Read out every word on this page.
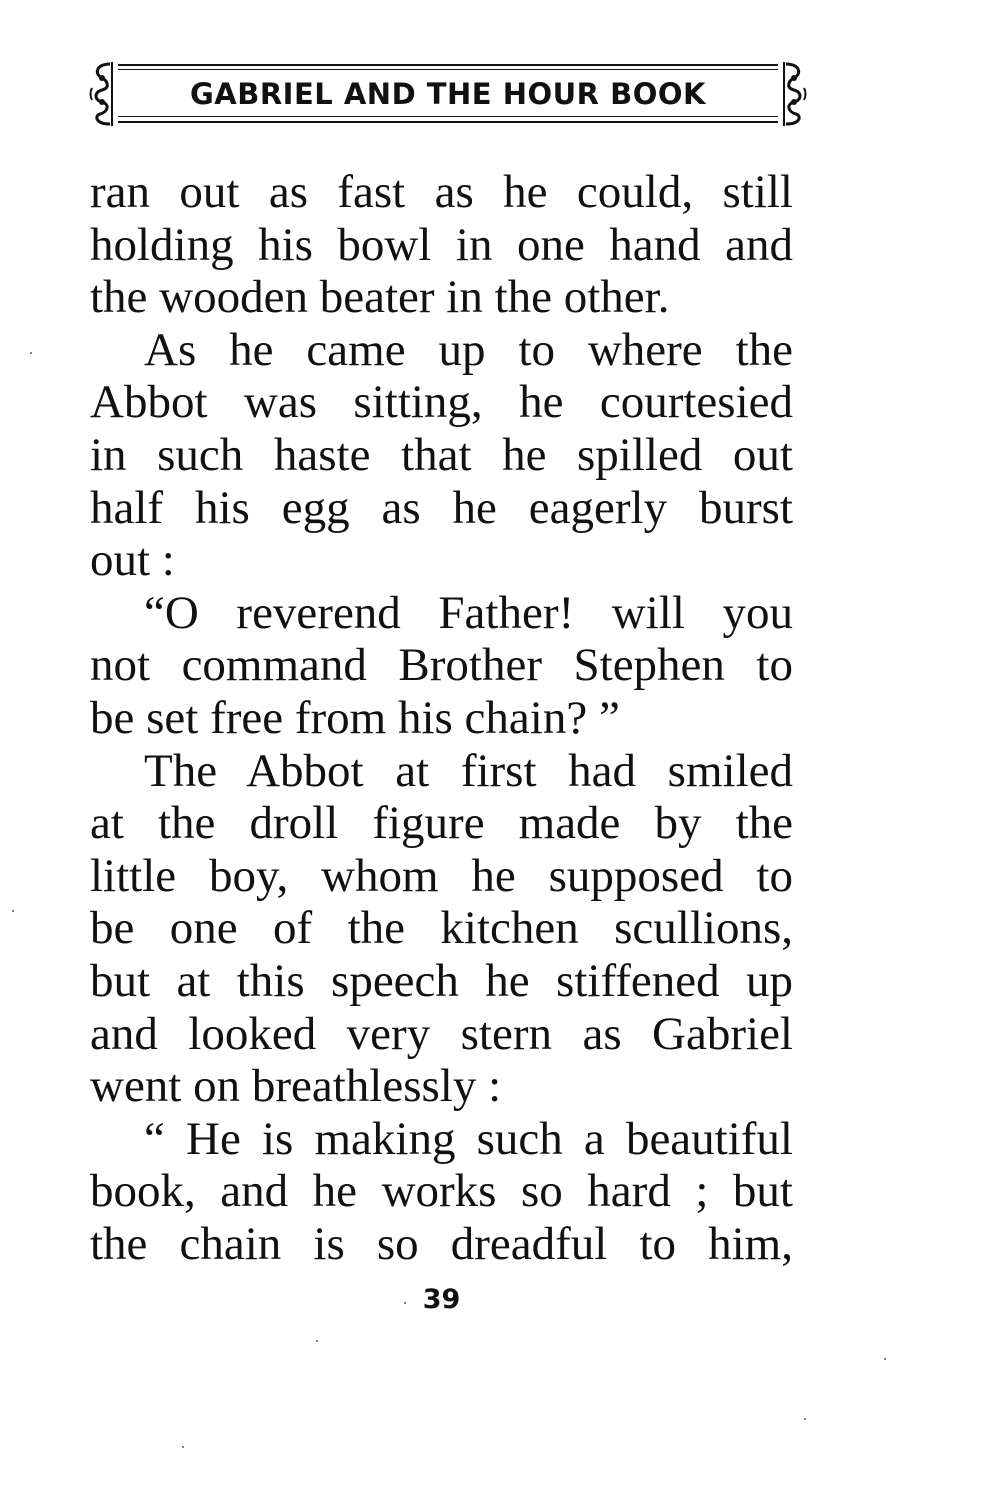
GABRIEL AND THE HOUR BOOK
ran out as fast as he could, still
holding his bowl in one hand and
the wooden beater in the other.
As he came up to where the
Abbot was sitting, he courtesied
in such haste that he spilled out
half his egg as he eagerly burst
out :
“O reverend Father! will you
not command Brother Stephen to
be set free from his chain? ”
The Abbot at first had smiled
at the droll figure made by the
little boy, whom he supposed to
be one of the kitchen scullions,
but at this speech he stiffened up
and looked very stern as Gabriel
went on breathlessly :
“ He is making such a beautiful
book, and he works so hard ; but
the chain is so dreadful to him,
39
